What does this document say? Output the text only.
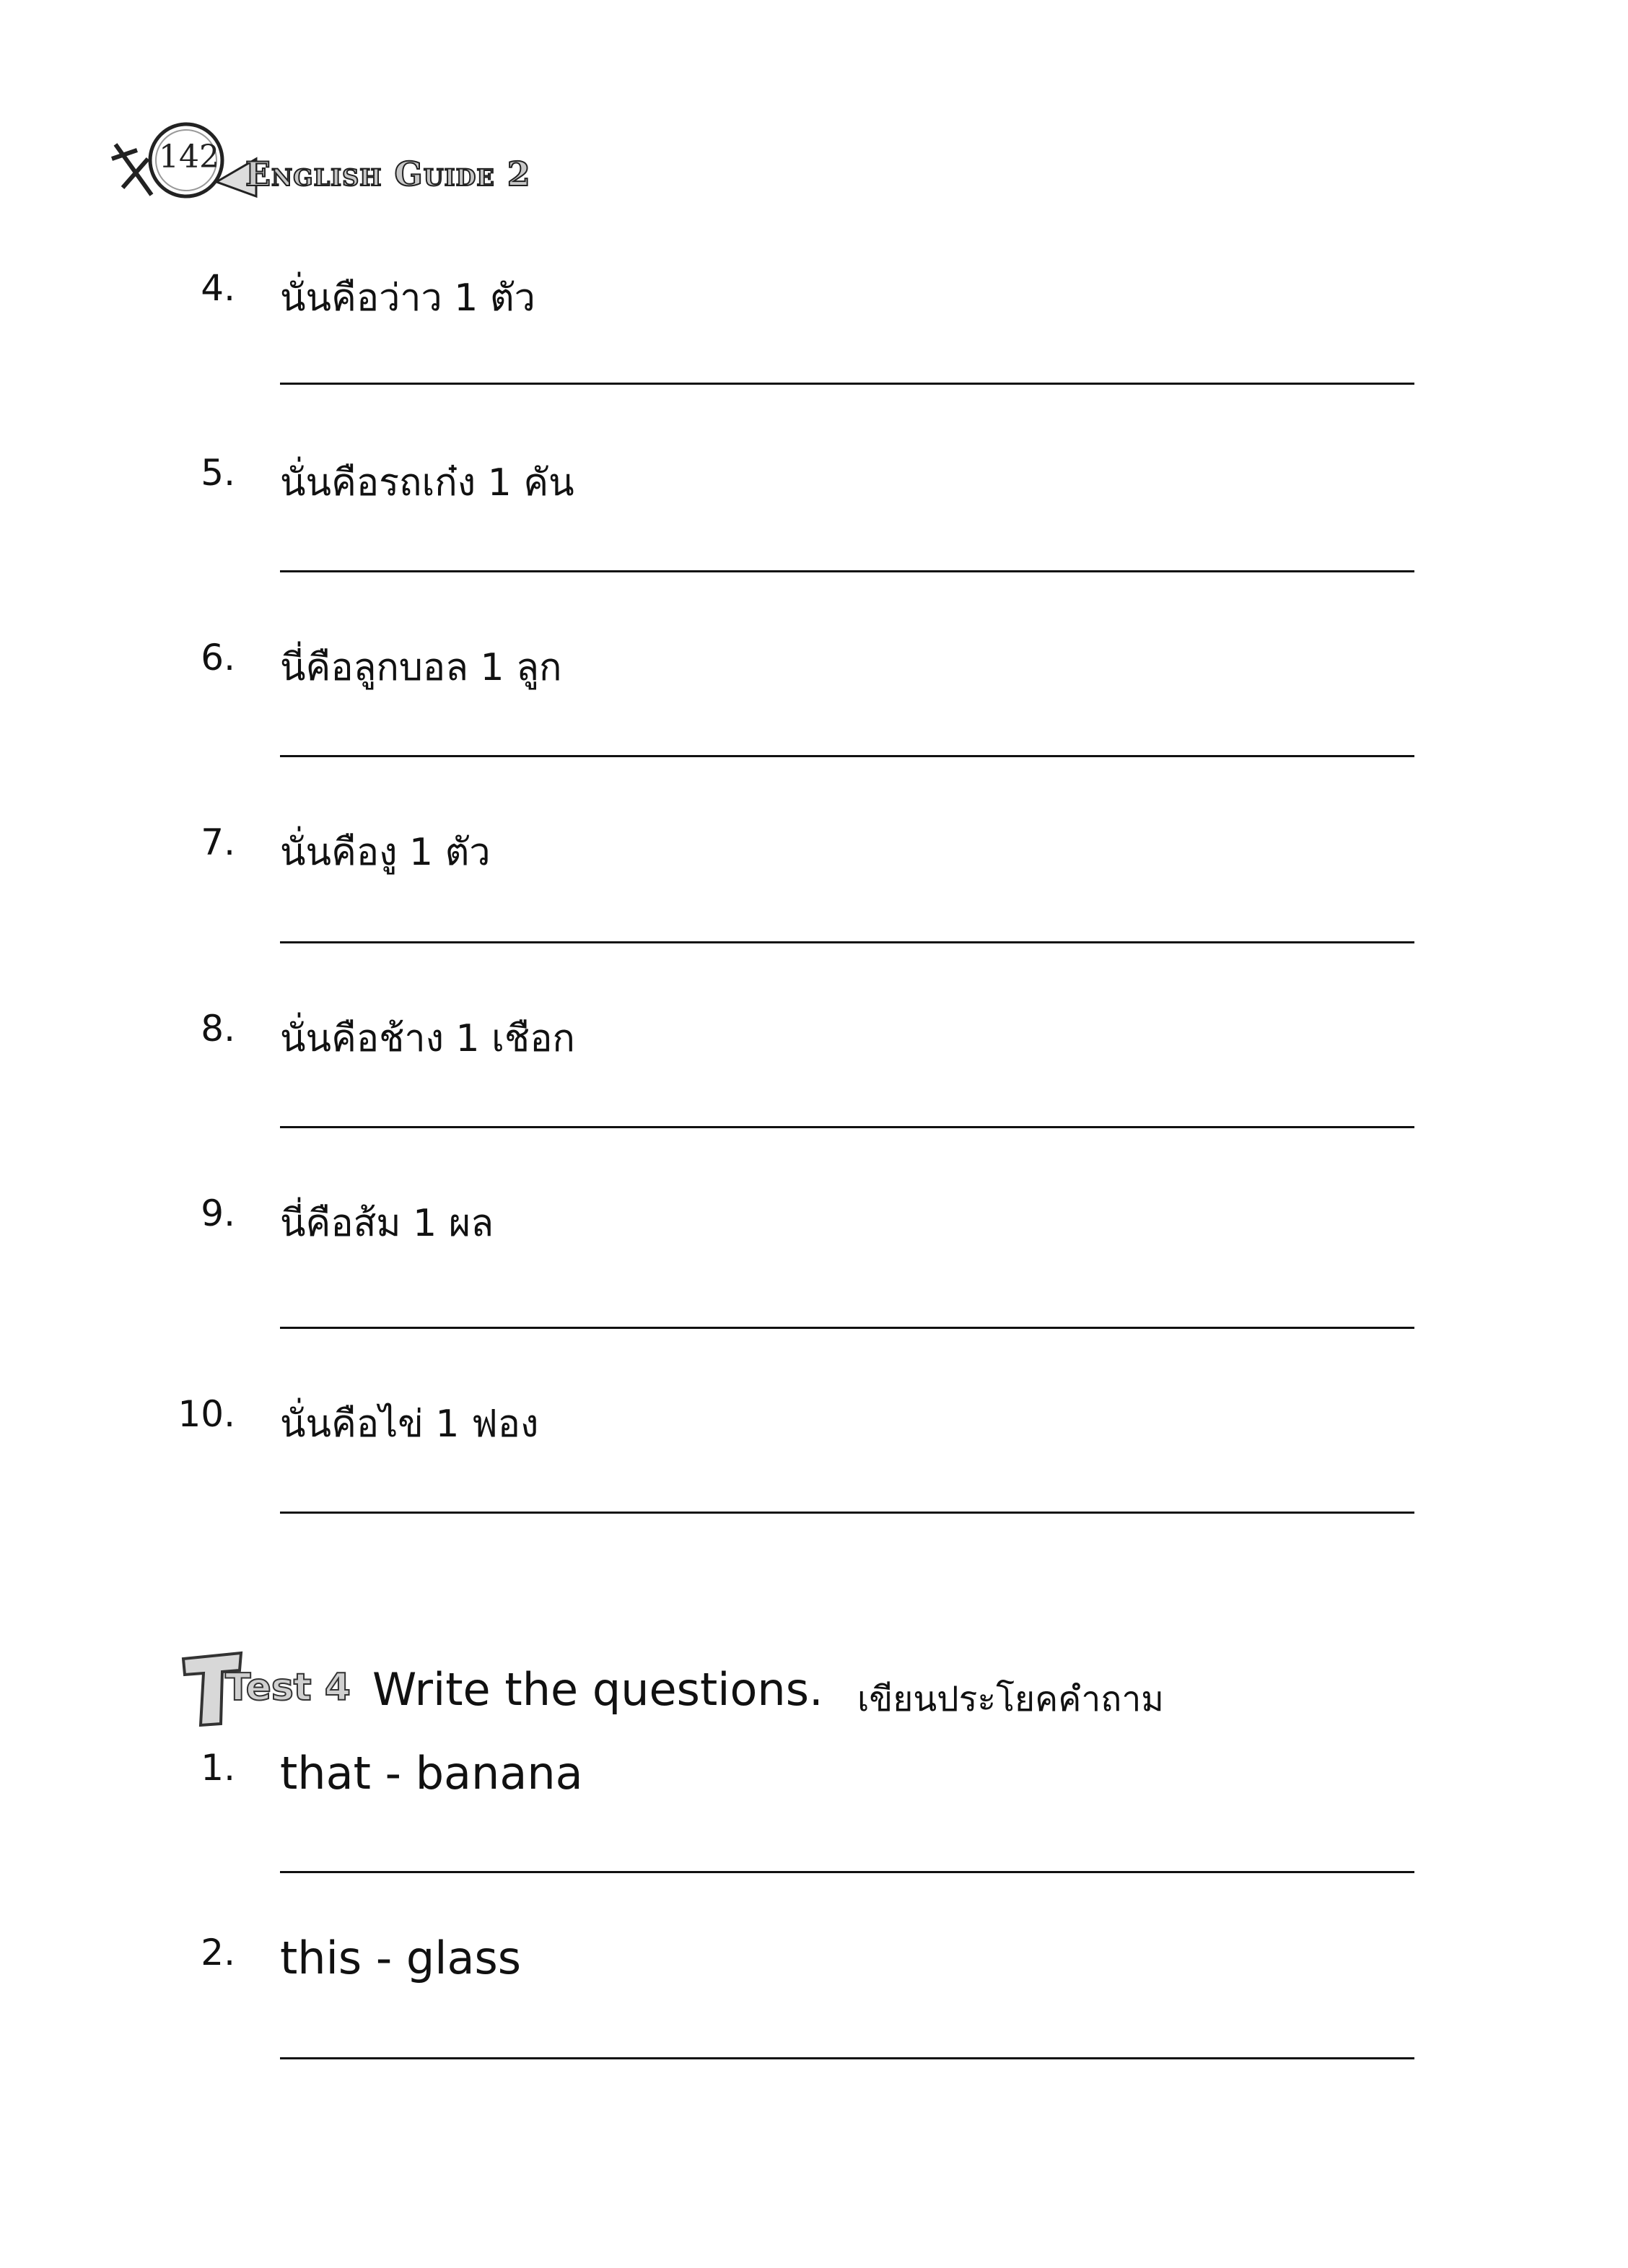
142 English Guide 2
4. นั่นคือว่าว 1 ตัว
5. นั่นคือรถเก๋ง 1 คัน
6. นี่คือลูกบอล 1 ลูก
7. นั่นคืองู 1 ตัว
8. นั่นคือช้าง 1 เชือก
9. นี่คือส้ม 1 ผล
10. นั่นคือไข่ 1 ฟอง
Test 4 Write the questions. เขียนประโยคคำถาม
1. that - banana
2. this - glass
